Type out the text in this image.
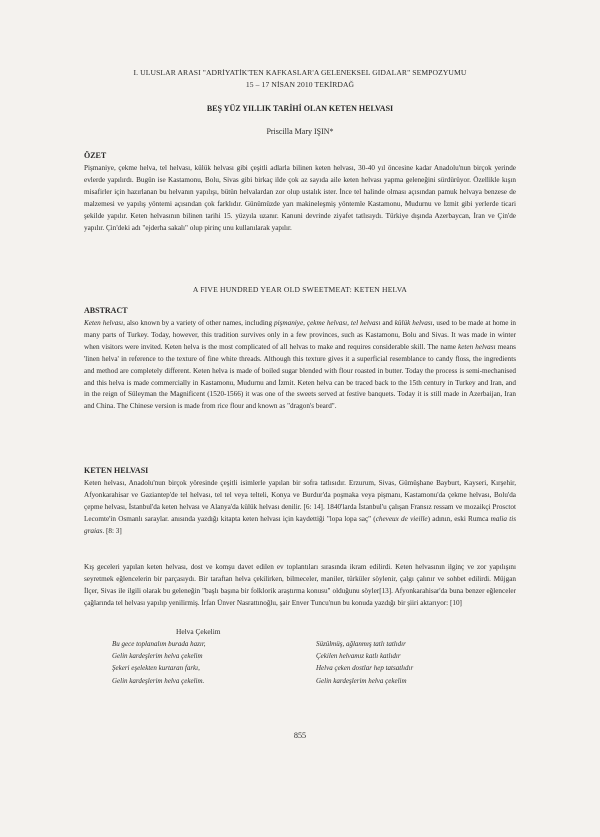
I. ULUSLAR ARASI "ADRİYATİK'TEN KAFKASLAR'A GELENEKSEL GIDALAR" SEMPOZYUMU
15 – 17 NİSAN 2010 TEKİRDAĞ
BEŞ YÜZ YILLIK TARİHİ OLAN KETEN HELVASI
Priscilla Mary IŞIN*
ÖZET

Pişmaniye, çekme helva, tel helvası, külük helvası gibi çeşitli adlarla bilinen keten helvası, 30-40 yıl öncesine kadar Anadolu'nun birçok yerinde evlerde yapılırdı. Bugün ise Kastamonu, Bolu, Sivas gibi birkaç ilde çok az sayıda aile keten helvası yapma geleneğini sürdürüyor. Özellikle kışın misafirler için hazırlanan bu helvanın yapılışı, bütün helvalardan zor olup ustalık ister. İnce tel halinde olması açısından pamuk helvaya benzese de malzemesi ve yapılış yöntemi açısından çok farklıdır. Günümüzde yarı makineleşmiş yöntemle Kastamonu, Mudurnu ve İzmit gibi yerlerde ticari şekilde yapılır. Keten helvasının bilinen tarihi 15. yüzyıla uzanır. Kanuni devrinde ziyafet tatlısıydı. Türkiye dışında Azerbaycan, İran ve Çin'de yapılır. Çin'deki adı "ejderha sakalı" olup pirinç unu kullanılarak yapılır.

A FIVE HUNDRED YEAR OLD SWEETMEAT: KETEN HELVA
ABSTRACT

Keten helvası, also known by a variety of other names, including pişmaniye, çekme helvası, tel helvası and külük helvası, used to be made at home in many parts of Turkey. Today, however, this tradition survives only in a few provinces, such as Kastamonu, Bolu and Sivas. It was made in winter when visitors were invited. Keten helva is the most complicated of all helvas to make and requires considerable skill. The name keten helvası means 'linen helva' in reference to the texture of fine white threads. Although this texture gives it a superficial resemblance to candy floss, the ingredients and method are completely different. Keten helva is made of boiled sugar blended with flour roasted in butter. Today the process is semi-mechanised and this helva is made commercially in Kastamonu, Mudurnu and İzmit. Keten helva can be traced back to the 15th century in Turkey and Iran, and in the reign of Süleyman the Magnificent (1520-1566) it was one of the sweets served at festive banquets. Today it is still made in Azerbaijan, Iran and China. The Chinese version is made from rice flour and known as "dragon's beard".

KETEN HELVASI

Keten helvası, Anadolu'nun birçok yöresinde çeşitli isimlerle yapılan bir sofra tatlısıdır. Erzurum, Sivas, Gümüşhane Bayburt, Kayseri, Kırşehir, Afyonkarahisar ve Gaziantep'de tel helvası, tel tel veya telteli, Konya ve Burdur'da poşmaka veya pişmanı, Kastamonu'da çekme helvası, Bolu'da çepme helvası, İstanbul'da keten helvası ve Alanya'da külük helvası denilir. [6: 14]. 1840'larda İstanbul'u çalışan Fransız ressam ve mozaikçi Prosctot Lecomte'in Osmanlı saraylar. anısında yazdığı kitapta keten helvası için kaydettiği "lopa lopa saç" (cheveux de vieille) adının, eski Rumca malia tis graias. [8: 3]

Kış geceleri yapılan keten helvası, dost ve komşu davet edilen ev toplantıları sırasında ikram edilirdi. Keten helvasının ilginç ve zor yapılışını seyretmek eğlencelerin bir parçasıydı. Bir taraftan helva çekilirken, bilmeceler, maniler, türküler söylenir, çalgı çalınır ve sohbet edilirdi. Müjgan İlçer, Sivas ile ilgili olarak bu geleneğin "başlı başına bir folklorik araştırma konusu" olduğunu söyler[13]. Afyonkarahisar'da buna benzer eğlenceler çağlarında tel helvası yapılıp yenilirmiş. İrfan Ünver Nasrattınoğlu, şair Enver Tuncu'nun bu konuda yazdığı bir şiiri aktarıyor: [10]

Helva Çekelim
Bu gece toplanalım burada hazır,
Gelin kardeşlerim helva çekelim
Şekeri eşelekten kurtaran farkı,
Gelin kardeşlerim helva çekelim.
Süzülmüş, ağlanmış tatlı tatlıdır
Çekilen helvamız katlı katlıdır
Helva çeken dostlar hep tatsatlıdır
Gelin kardeşlerim helva çekelim
855
